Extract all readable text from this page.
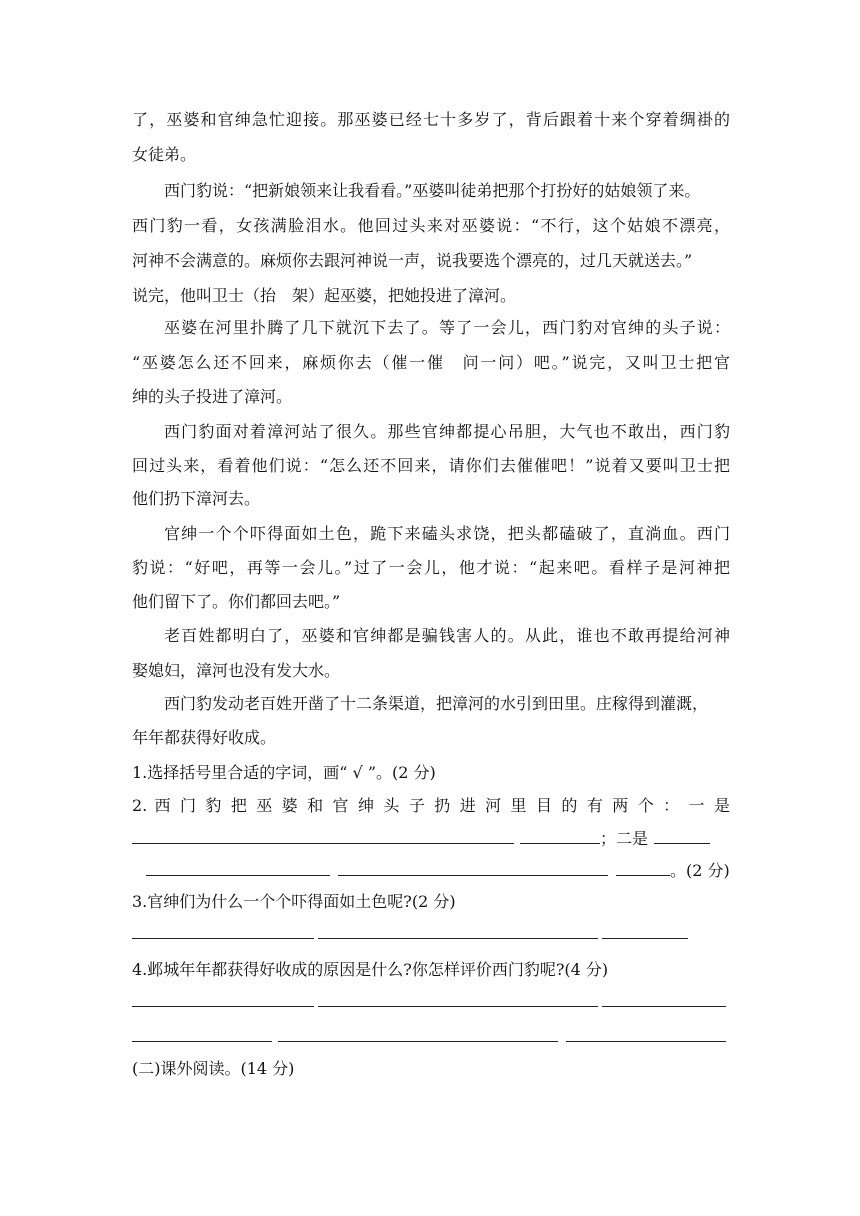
了，巫婆和官绅急忙迎接。那巫婆已经七十多岁了，背后跟着十来个穿着绸褂的
女徒弟。
西门豹说：“把新娘领来让我看看。”巫婆叫徒弟把那个打扮好的姑娘领了来。
西门豹一看，女孩满脸泪水。他回过头来对巫婆说：“不行，这个姑娘不漂亮，
河神不会满意的。麻烦你去跟河神说一声，说我要选个漂亮的，过几天就送去。”
说完，他叫卫士（抬　架）起巫婆，把她投进了漳河。
巫婆在河里扑腾了几下就沉下去了。等了一会儿，西门豹对官绅的头子说：
“巫婆怎么还不回来，麻烦你去（催一催　问一问）吧。”说完，又叫卫士把官
绅的头子投进了漳河。
西门豹面对着漳河站了很久。那些官绅都提心吊胆，大气也不敢出，西门豹
回过头来，看着他们说：“怎么还不回来，请你们去催催吧！”说着又要叫卫士把
他们扔下漳河去。
官绅一个个吓得面如土色，跪下来磕头求饶，把头都磕破了，直淌血。西门
豹说：“好吧，再等一会儿。”过了一会儿，他才说：“起来吧。看样子是河神把
他们留下了。你们都回去吧。”
老百姓都明白了，巫婆和官绅都是骗钱害人的。从此，谁也不敢再提给河神
娶媳妇，漳河也没有发大水。
西门豹发动老百姓开凿了十二条渠道，把漳河的水引到田里。庄稼得到灌溉，
年年都获得好收成。
1.选择括号里合适的字词，画“ √ ”。(2 分)
2. 西 门 豹 把 巫 婆 和 官 绅 头 子 扔 进 河 里 目 的 有 两 个 ： 一 是
；二是
。(2 分)
3.官绅们为什么一个个吓得面如土色呢?(2 分)
4.邺城年年都获得好收成的原因是什么?你怎样评价西门豹呢?(4 分)
(二)课外阅读。(14 分)
